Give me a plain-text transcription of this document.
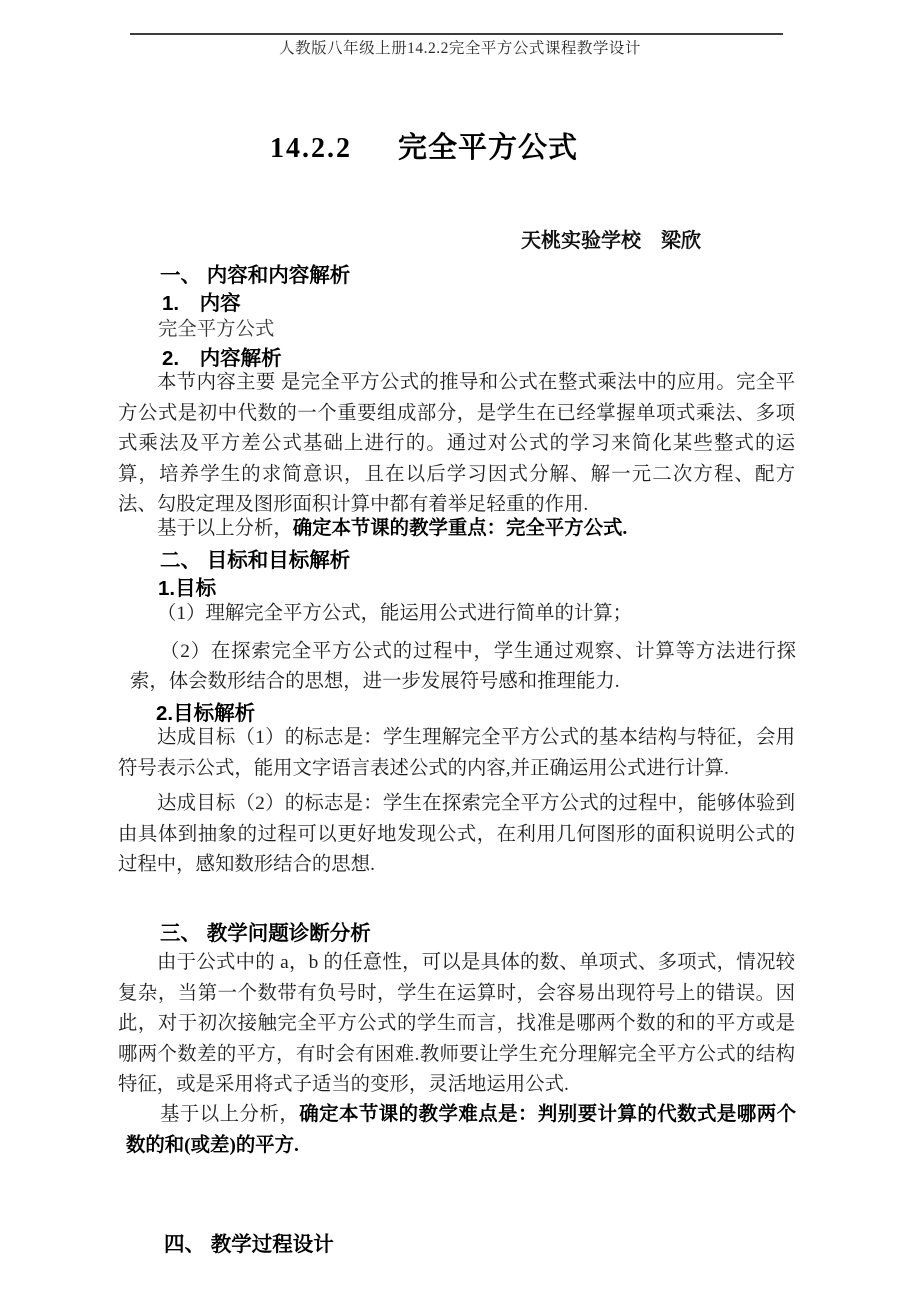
人教版八年级上册14.2.2完全平方公式课程教学设计
14.2.2 完全平方公式
天桃实验学校　梁欣

一、 内容和内容解析

1.　内容

完全平方公式

2.　内容解析

本节内容主要 是完全平方公式的推导和公式在整式乘法中的应用。完全平方公式是初中代数的一个重要组成部分，是学生在已经掌握单项式乘法、多项式乘法及平方差公式基础上进行的。通过对公式的学习来简化某些整式的运算，培养学生的求简意识，且在以后学习因式分解、解一元二次方程、配方法、勾股定理及图形面积计算中都有着举足轻重的作用.

基于以上分析，确定本节课的教学重点：完全平方公式.

二、 目标和目标解析

1.目标

（1）理解完全平方公式，能运用公式进行简单的计算；

（2）在探索完全平方公式的过程中，学生通过观察、计算等方法进行探索，体会数形结合的思想，进一步发展符号感和推理能力.

2.目标解析

达成目标（1）的标志是：学生理解完全平方公式的基本结构与特征，会用符号表示公式，能用文字语言表述公式的内容,并正确运用公式进行计算.

达成目标（2）的标志是：学生在探索完全平方公式的过程中，能够体验到由具体到抽象的过程可以更好地发现公式，在利用几何图形的面积说明公式的过程中，感知数形结合的思想.

三、 教学问题诊断分析

由于公式中的 a，b 的任意性，可以是具体的数、单项式、多项式，情况较复杂，当第一个数带有负号时，学生在运算时，会容易出现符号上的错误。因此，对于初次接触完全平方公式的学生而言，找准是哪两个数的和的平方或是哪两个数差的平方，有时会有困难.教师要让学生充分理解完全平方公式的结构特征，或是采用将式子适当的变形，灵活地运用公式.

基于以上分析，确定本节课的教学难点是：判别要计算的代数式是哪两个数的和(或差)的平方.

四、 教学过程设计
